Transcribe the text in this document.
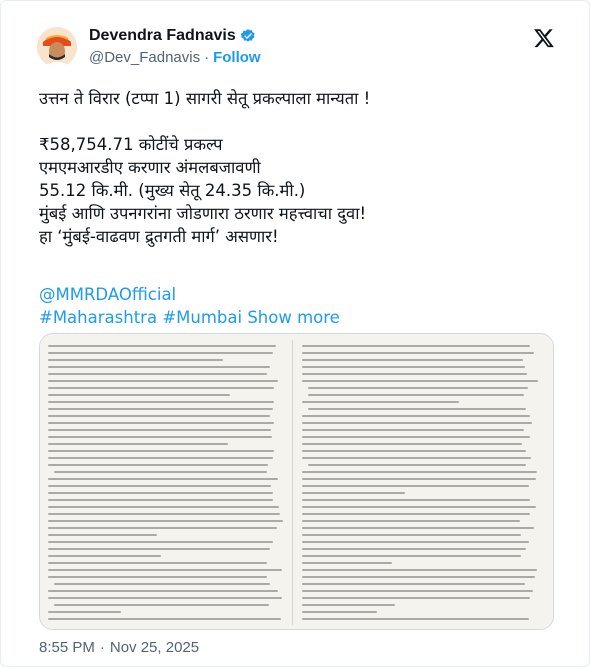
Devendra Fadnavis
@Dev_Fadnavis · Follow
उत्तन ते विरार (टप्पा 1) सागरी सेतू प्रकल्पाला मान्यता !
₹58,754.71 कोटींचे प्रकल्प
एमएमआरडीए करणार अंमलबजावणी
55.12 कि.मी. (मुख्य सेतू 24.35 कि.मी.)
मुंबई आणि उपनगरांना जोडणारा ठरणार महत्त्वाचा दुवा!
हा ‘मुंबई-वाढवण द्रुतगती मार्ग’ असणार!
@MMRDAOfficial
#Maharashtra #Mumbai Show more
8:55 PM · Nov 25, 2025
